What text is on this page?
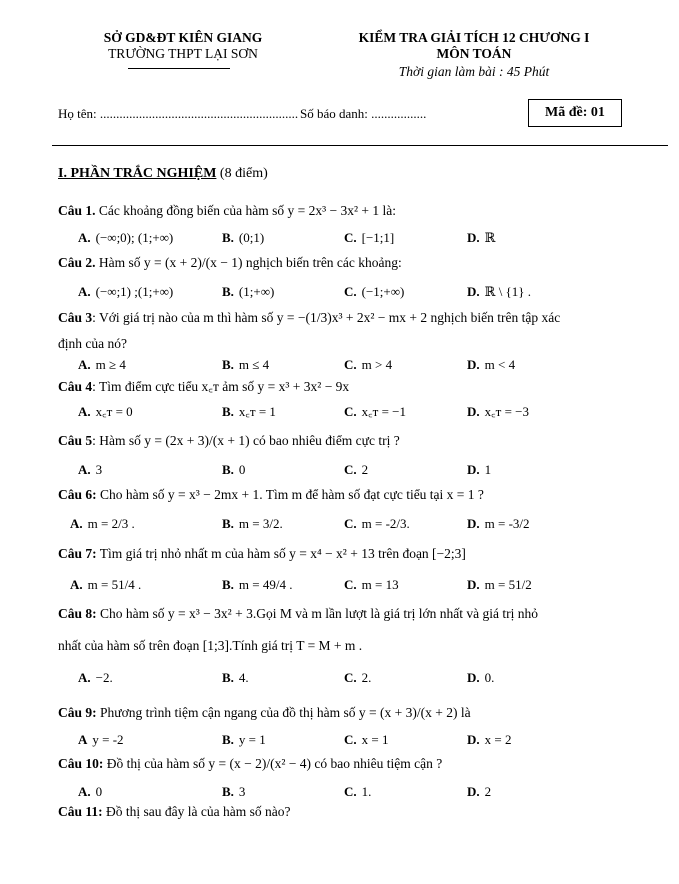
SỞ GD&ĐT KIÊN GIANG
TRƯỜNG THPT LẠI SƠN
KIỂM TRA GIẢI TÍCH 12 CHƯƠNG I
MÔN TOÁN
Thời gian làm bài : 45 Phút
Họ tên: ............................................................. Số báo danh: .................	Mã đề: 01
I. PHẦN TRẮC NGHIỆM (8 điểm)
Câu 1. Các khoảng đồng biến của hàm số y = 2x³ − 3x² + 1 là:
A. (−∞;0); (1;+∞)	B. (0;1)	C. [−1;1]	D. ℝ
Câu 2. Hàm số y = (x + 2)/(x − 1) nghịch biến trên các khoảng:
A. (−∞;1) ;(1;+∞)	B. (1;+∞)	C. (−1;+∞)	D. ℝ \ {1} .
Câu 3: Với giá trị nào của m thì hàm số y = −(1/3)x³ + 2x² − mx + 2 nghịch biến trên tập xác
định của nó?
A. m ≥ 4	B. m ≤ 4	C. m > 4	D. m < 4
Câu 4: Tìm điểm cực tiểu x꜀ᴛ ảm số y = x³ + 3x² − 9x
A. x꜀ᴛ = 0	B. x꜀ᴛ = 1	C. x꜀ᴛ = −1	D. x꜀ᴛ = −3
Câu 5: Hàm số y = (2x + 3)/(x + 1) có bao nhiêu điểm cực trị ?
A. 3	B. 0	C. 2	D. 1
Câu 6: Cho hàm số y = x³ − 2mx + 1. Tìm m để hàm số đạt cực tiểu tại x = 1 ?
A. m = 2/3 .	B. m = 3/2.	C. m = -2/3.	D. m = -3/2
Câu 7: Tìm giá trị nhỏ nhất m của hàm số y = x⁴ − x² + 13 trên đoạn [−2;3]
A. m = 51/4 .	B. m = 49/4 .	C. m = 13	D. m = 51/2
Câu 8: Cho hàm số y = x³ − 3x² + 3.Gọi M và m lần lượt là giá trị lớn nhất và giá trị nhỏ
nhất của hàm số trên đoạn [1;3].Tính giá trị T = M + m .
A. −2.	B. 4.	C. 2.	D. 0.
Câu 9: Phương trình tiệm cận ngang của đồ thị hàm số y = (x + 3)/(x + 2) là
A y = -2	B. y = 1	C. x = 1	D. x = 2
Câu 10: Đồ thị của hàm số y = (x − 2)/(x² − 4) có bao nhiêu tiệm cận ?
A. 0	B. 3	C. 1.	D. 2
Câu 11: Đồ thị sau đây là của hàm số nào?
